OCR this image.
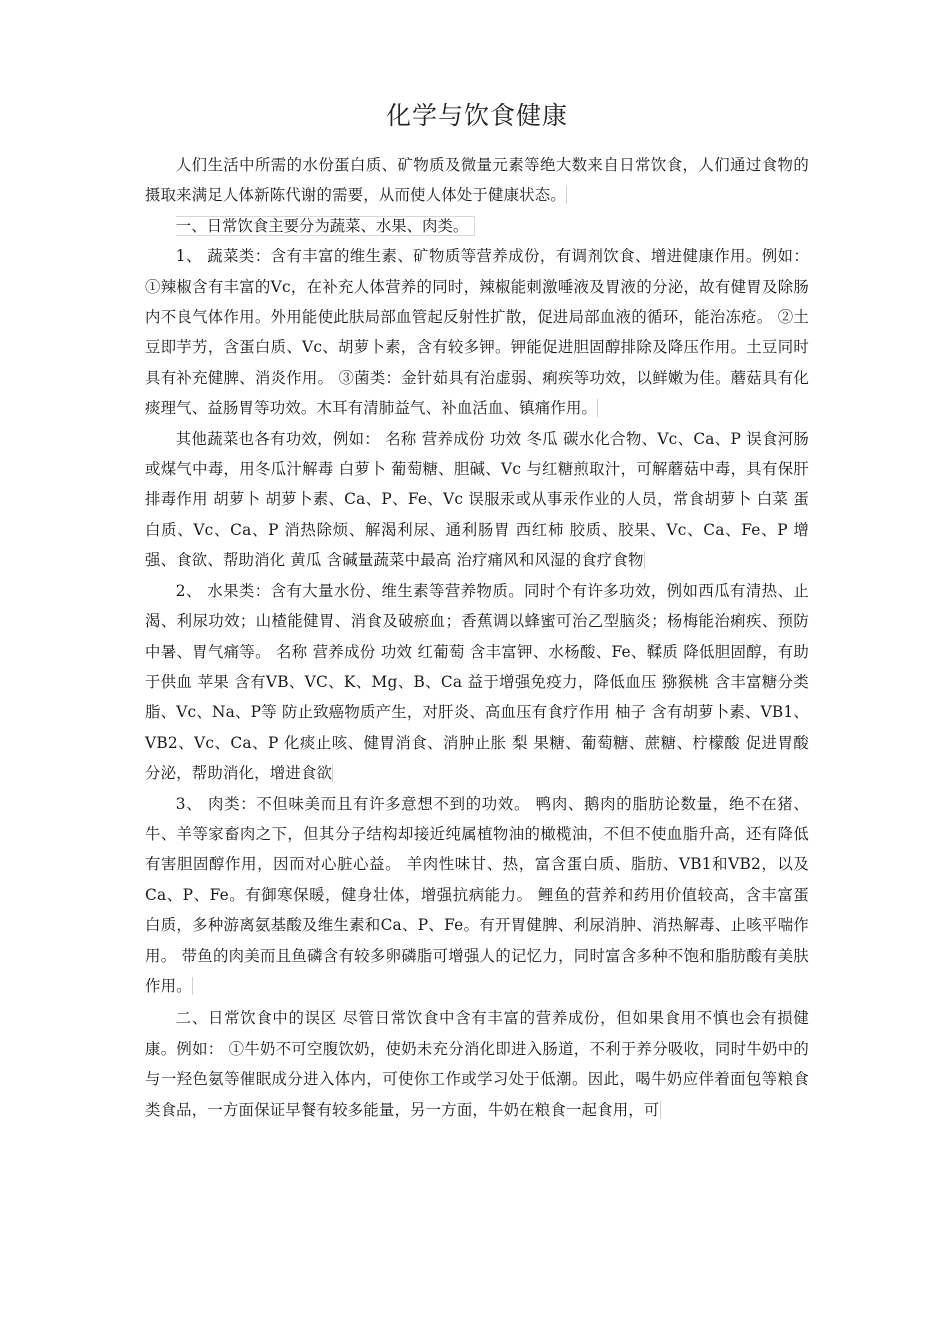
化学与饮食健康

人们生活中所需的水份蛋白质、矿物质及微量元素等绝大数来自日常饮食，人们通过食物的摄取来满足人体新陈代谢的需要，从而使人体处于健康状态。

一、日常饮食主要分为蔬菜、水果、肉类。

1、 蔬菜类：含有丰富的维生素、矿物质等营养成份，有调剂饮食、增进健康作用。例如： ①辣椒含有丰富的Vc，在补充人体营养的同时，辣椒能刺激唾液及胃液的分泌，故有健胃及除肠内不良气体作用。外用能使此肤局部血管起反射性扩散，促进局部血液的循环，能治冻疮。 ②土豆即芋艻，含蛋白质、Vc、胡萝卜素，含有较多钾。钾能促进胆固醇排除及降压作用。土豆同时具有补充健脾、消炎作用。 ③菌类：金针茹具有治虚弱、痢疾等功效，以鲜嫩为佳。蘑菇具有化痰理气、益肠胃等功效。木耳有清肺益气、补血活血、镇痛作用。

其他蔬菜也各有功效，例如： 名称 营养成份 功效 冬瓜 碳水化合物、Vc、Ca、P 误食河肠或煤气中毒，用冬瓜汁解毒 白萝卜 葡萄糖、胆碱、Vc 与红糖煎取汁，可解蘑菇中毒，具有保肝排毒作用 胡萝卜 胡萝卜素、Ca、P、Fe、Vc 误服汞或从事汞作业的人员，常食胡萝卜 白菜 蛋白质、Vc、Ca、P 消热除烦、解渴利尿、通利肠胃 西红柿 胶质、胶果、Vc、Ca、Fe、P 增强、食欲、帮助消化 黄瓜 含碱量蔬菜中最高 治疗痛风和风湿的食疗食物

2、 水果类：含有大量水份、维生素等营养物质。同时个有许多功效，例如西瓜有清热、止渴、利尿功效；山楂能健胃、消食及破瘀血；香蕉调以蜂蜜可治乙型脑炎；杨梅能治痢疾、预防中暑、胃气痛等。 名称 营养成份 功效 红葡萄 含丰富钾、水杨酸、Fe、鞣质 降低胆固醇，有助于供血 苹果 含有VB、VC、K、Mg、B、Ca 益于增强免疫力，降低血压 猕猴桃 含丰富糖分类脂、Vc、Na、P等 防止致癌物质产生，对肝炎、高血压有食疗作用 柚子 含有胡萝卜素、VB1、VB2、Vc、Ca、P 化痰止咳、健胃消食、消肿止胀 梨 果糖、葡萄糖、蔗糖、柠檬酸 促进胃酸分泌，帮助消化，增进食欲

3、 肉类：不但味美而且有许多意想不到的功效。 鸭肉、鹅肉的脂肪论数量，绝不在猪、牛、羊等家畜肉之下，但其分子结构却接近纯属植物油的橄榄油，不但不使血脂升高，还有降低有害胆固醇作用，因而对心脏心益。 羊肉性味甘、热，富含蛋白质、脂肪、VB1和VB2，以及Ca、P、Fe。有御寒保暖，健身壮体，增强抗病能力。 鲤鱼的营养和药用价值较高，含丰富蛋白质，多种游离氨基酸及维生素和Ca、P、Fe。有开胃健脾、利尿消肿、消热解毒、止咳平喘作用。 带鱼的肉美而且鱼磷含有较多卵磷脂可增强人的记忆力，同时富含多种不饱和脂肪酸有美肤作用。

二、日常饮食中的误区 尽管日常饮食中含有丰富的营养成份，但如果食用不慎也会有损健康。例如： ①牛奶不可空腹饮奶，使奶未充分消化即进入肠道，不利于养分吸收，同时牛奶中的与一羟色氨等催眠成分进入体内，可使你工作或学习处于低潮。因此，喝牛奶应伴着面包等粮食类食品，一方面保证早餐有较多能量，另一方面，牛奶在粮食一起食用，可
